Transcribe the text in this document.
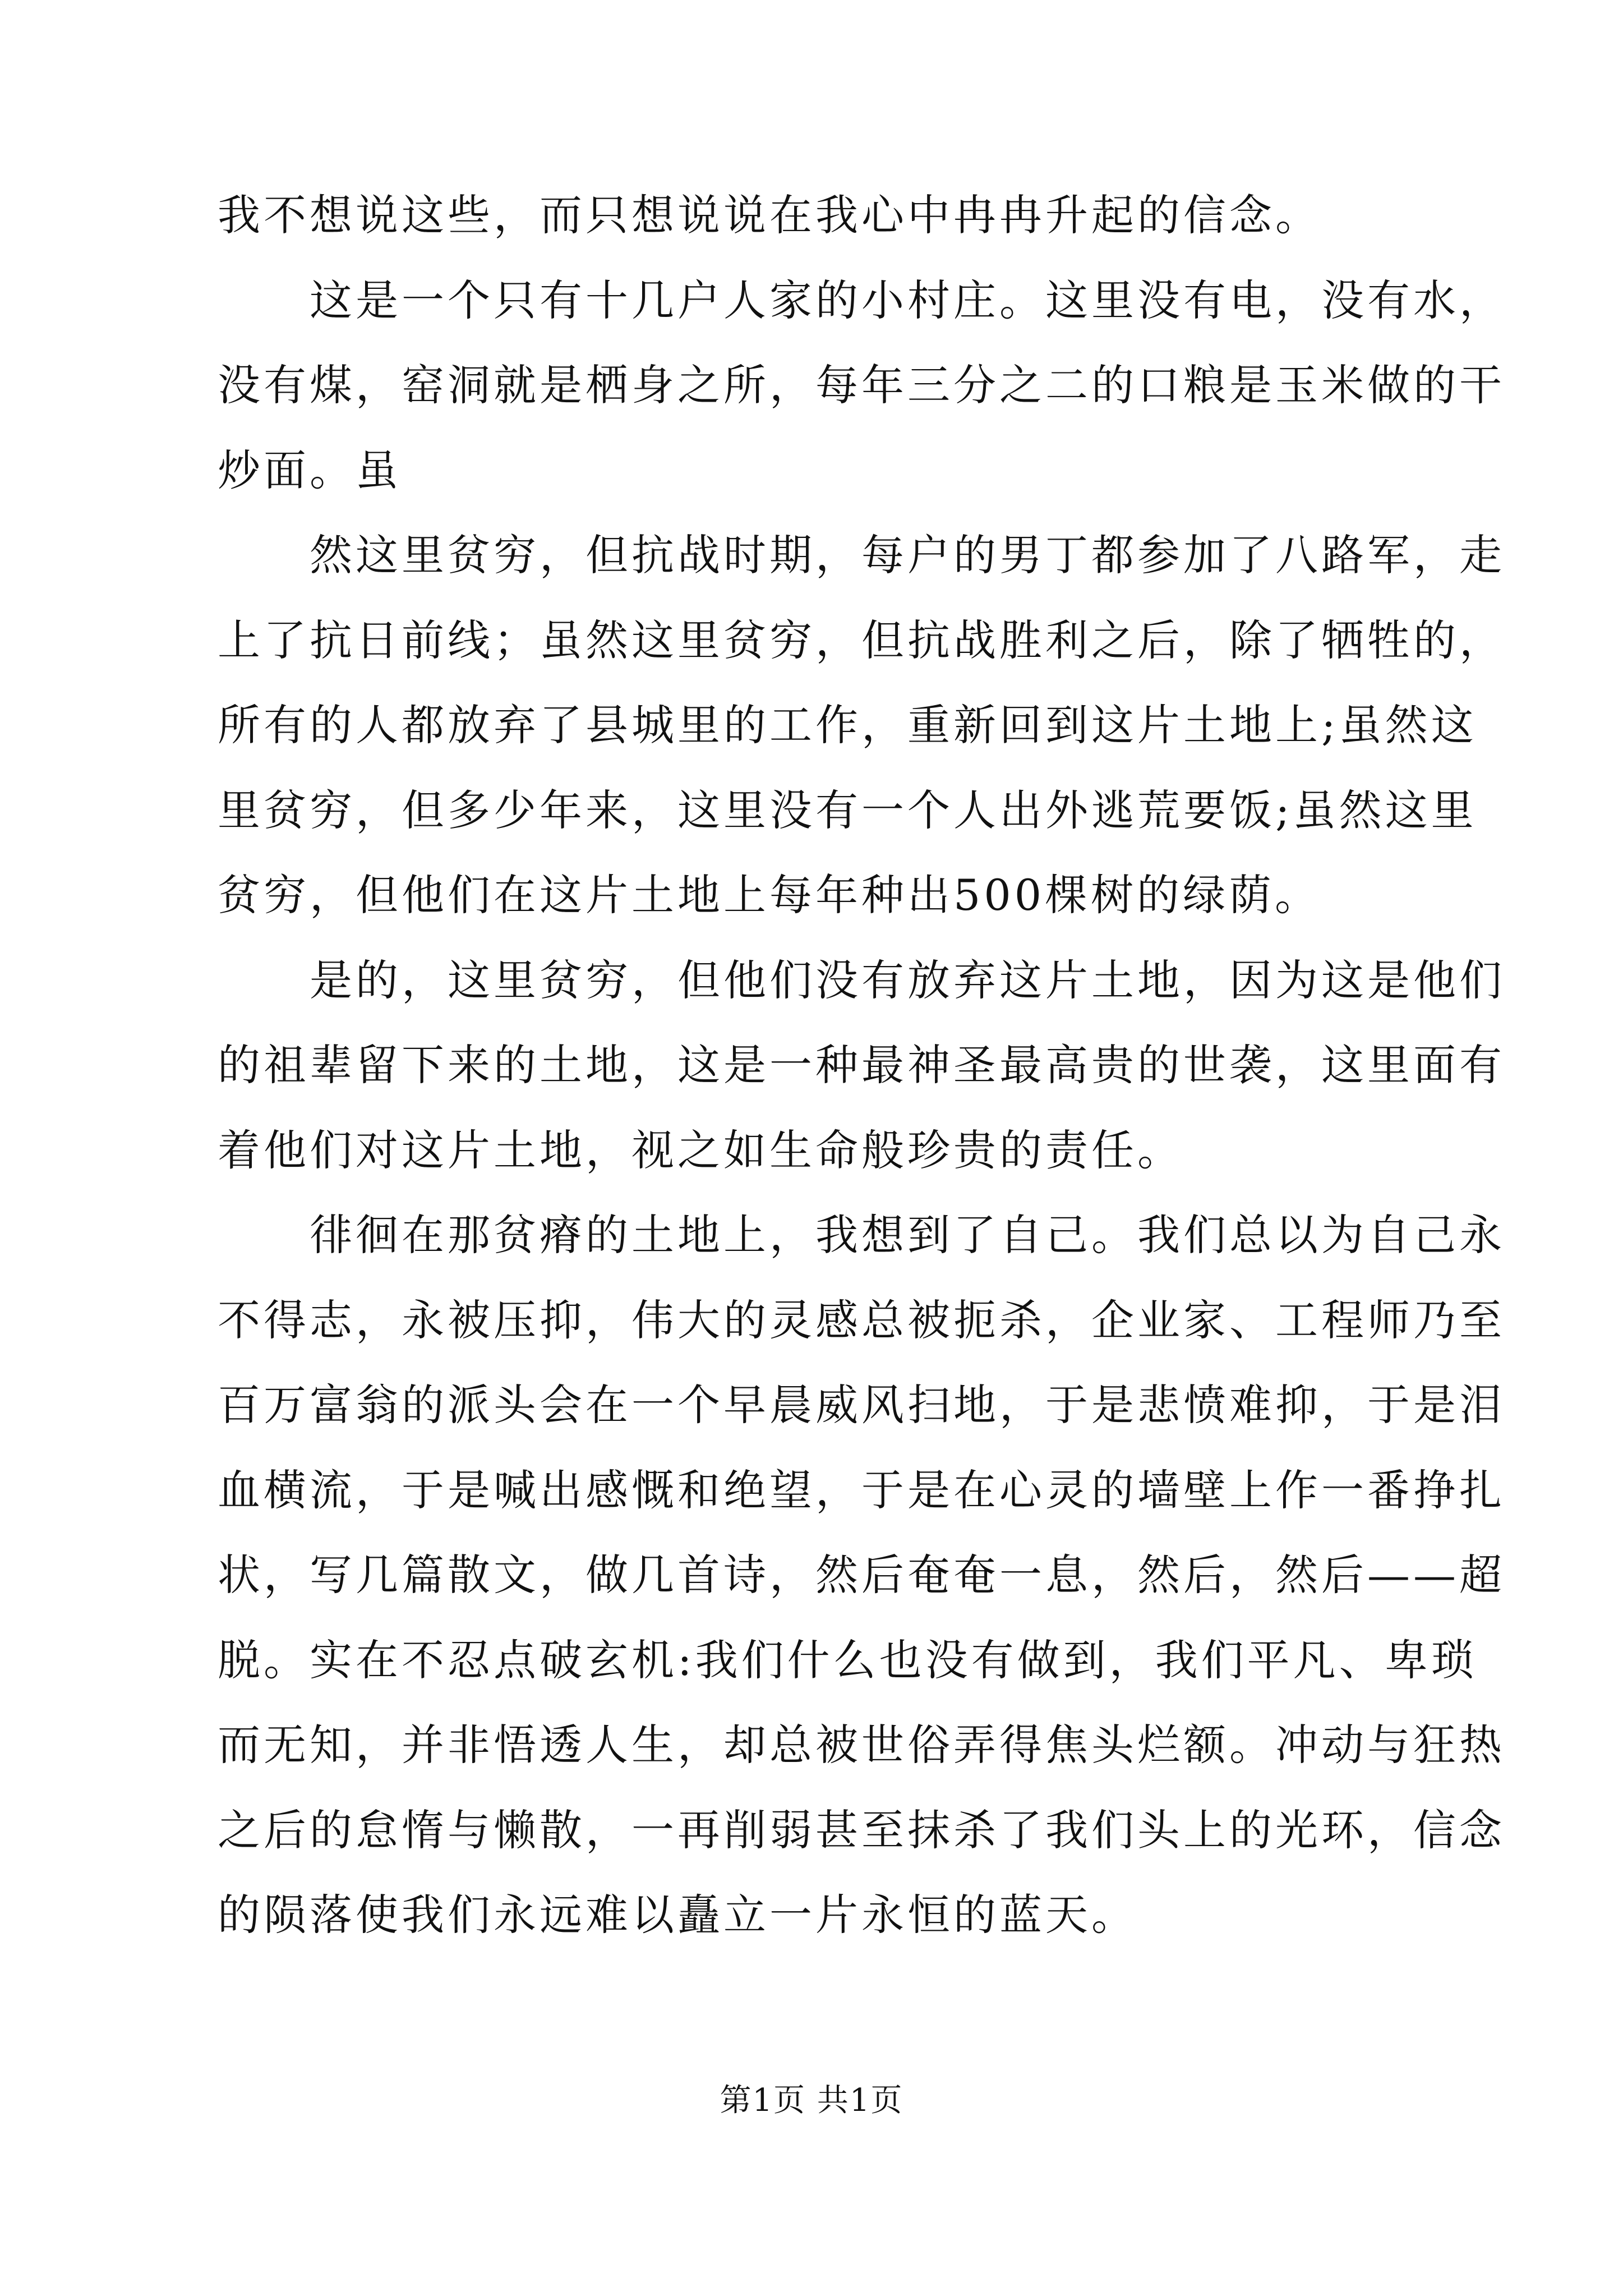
我不想说这些，而只想说说在我心中冉冉升起的信念。

这是一个只有十几户人家的小村庄。这里没有电，没有水，
没有煤，窑洞就是栖身之所，每年三分之二的口粮是玉米做的干
炒面。虽

然这里贫穷，但抗战时期，每户的男丁都参加了八路军，走
上了抗日前线；虽然这里贫穷，但抗战胜利之后，除了牺牲的，
所有的人都放弃了县城里的工作，重新回到这片土地上;虽然这
里贫穷，但多少年来，这里没有一个人出外逃荒要饭;虽然这里
贫穷，但他们在这片土地上每年种出500棵树的绿荫。

是的，这里贫穷，但他们没有放弃这片土地，因为这是他们
的祖辈留下来的土地，这是一种最神圣最高贵的世袭，这里面有
着他们对这片土地，视之如生命般珍贵的责任。

徘徊在那贫瘠的土地上，我想到了自己。我们总以为自己永
不得志，永被压抑，伟大的灵感总被扼杀，企业家、工程师乃至
百万富翁的派头会在一个早晨威风扫地，于是悲愤难抑，于是泪
血横流，于是喊出感慨和绝望，于是在心灵的墙壁上作一番挣扎
状，写几篇散文，做几首诗，然后奄奄一息，然后，然后——超
脱。实在不忍点破玄机:我们什么也没有做到，我们平凡、卑琐
而无知，并非悟透人生，却总被世俗弄得焦头烂额。冲动与狂热
之后的怠惰与懒散，一再削弱甚至抹杀了我们头上的光环，信念
的陨落使我们永远难以矗立一片永恒的蓝天。

第1页 共1页
